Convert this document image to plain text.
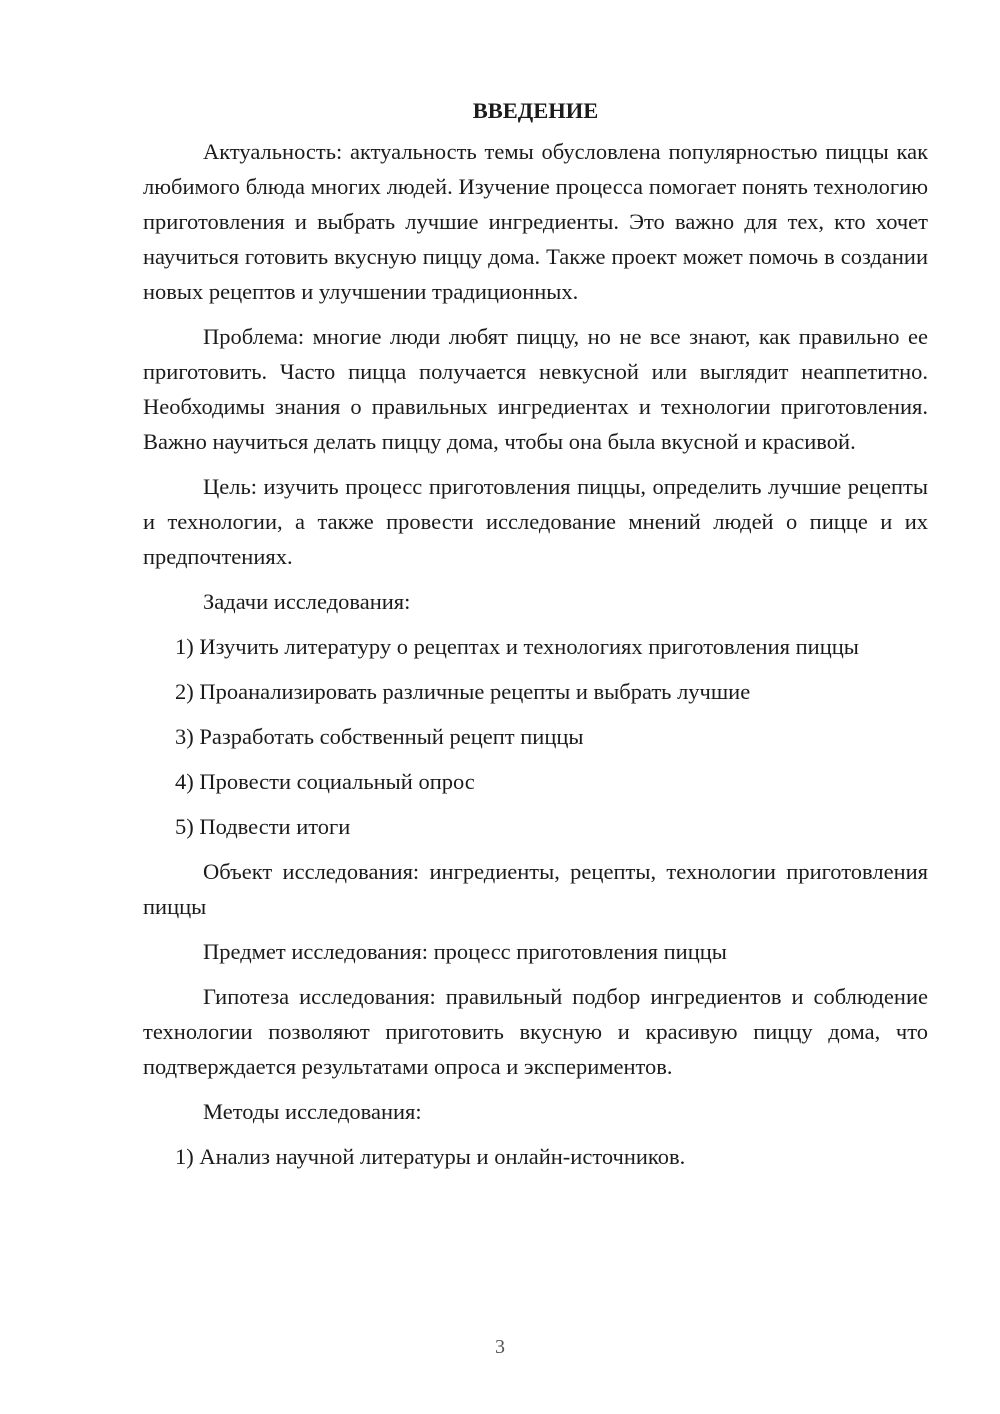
ВВЕДЕНИЕ

Актуальность: актуальность темы обусловлена популярностью пиццы как любимого блюда многих людей. Изучение процесса помогает понять технологию приготовления и выбрать лучшие ингредиенты. Это важно для тех, кто хочет научиться готовить вкусную пиццу дома. Также проект может помочь в создании новых рецептов и улучшении традиционных.

Проблема: многие люди любят пиццу, но не все знают, как правильно ее приготовить. Часто пицца получается невкусной или выглядит неаппетитно. Необходимы знания о правильных ингредиентах и технологии приготовления. Важно научиться делать пиццу дома, чтобы она была вкусной и красивой.

Цель: изучить процесс приготовления пиццы, определить лучшие рецепты и технологии, а также провести исследование мнений людей о пицце и их предпочтениях.

Задачи исследования:

1) Изучить литературу о рецептах и технологиях приготовления пиццы

2) Проанализировать различные рецепты и выбрать лучшие

3) Разработать собственный рецепт пиццы

4) Провести социальный опрос

5) Подвести итоги

Объект исследования: ингредиенты, рецепты, технологии приготовления пиццы

Предмет исследования: процесс приготовления пиццы

Гипотеза исследования: правильный подбор ингредиентов и соблюдение технологии позволяют приготовить вкусную и красивую пиццу дома, что подтверждается результатами опроса и экспериментов.

Методы исследования:

1) Анализ научной литературы и онлайн-источников.

3
